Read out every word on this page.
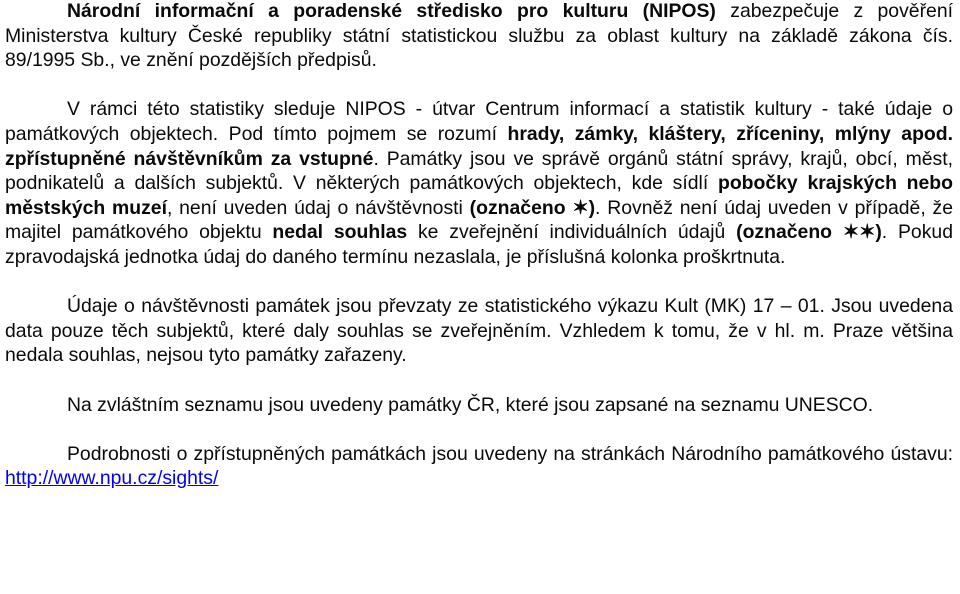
Národní informační a poradenské středisko pro kulturu (NIPOS) zabezpečuje z pověření Ministerstva kultury České republiky státní statistickou službu za oblast kultury na základě zákona čís. 89/1995 Sb., ve znění pozdějších předpisů.

V rámci této statistiky sleduje NIPOS - útvar Centrum informací a statistik kultury - také údaje o památkových objektech. Pod tímto pojmem se rozumí hrady, zámky, kláštery, zříceniny, mlýny apod. zpřístupněné návštěvníkům za vstupné. Památky jsou ve správě orgánů státní správy, krajů, obcí, měst, podnikatelů a dalších subjektů. V některých památkových objektech, kde sídlí pobočky krajských nebo městských muzeí, není uveden údaj o návštěvnosti (označeno ✶). Rovněž není údaj uveden v případě, že majitel památkového objektu nedal souhlas ke zveřejnění individuálních údajů (označeno ✶✶). Pokud zpravodajská jednotka údaj do daného termínu nezaslala, je příslušná kolonka proškrtnuta.

Údaje o návštěvnosti památek jsou převzaty ze statistického výkazu Kult (MK) 17 – 01. Jsou uvedena data pouze těch subjektů, které daly souhlas se zveřejněním. Vzhledem k tomu, že v hl. m. Praze většina nedala souhlas, nejsou tyto památky zařazeny.

Na zvláštním seznamu jsou uvedeny památky ČR, které jsou zapsané na seznamu UNESCO.

Podrobnosti o zpřístupněných památkách jsou uvedeny na stránkách Národního památkového ústavu: http://www.npu.cz/sights/
